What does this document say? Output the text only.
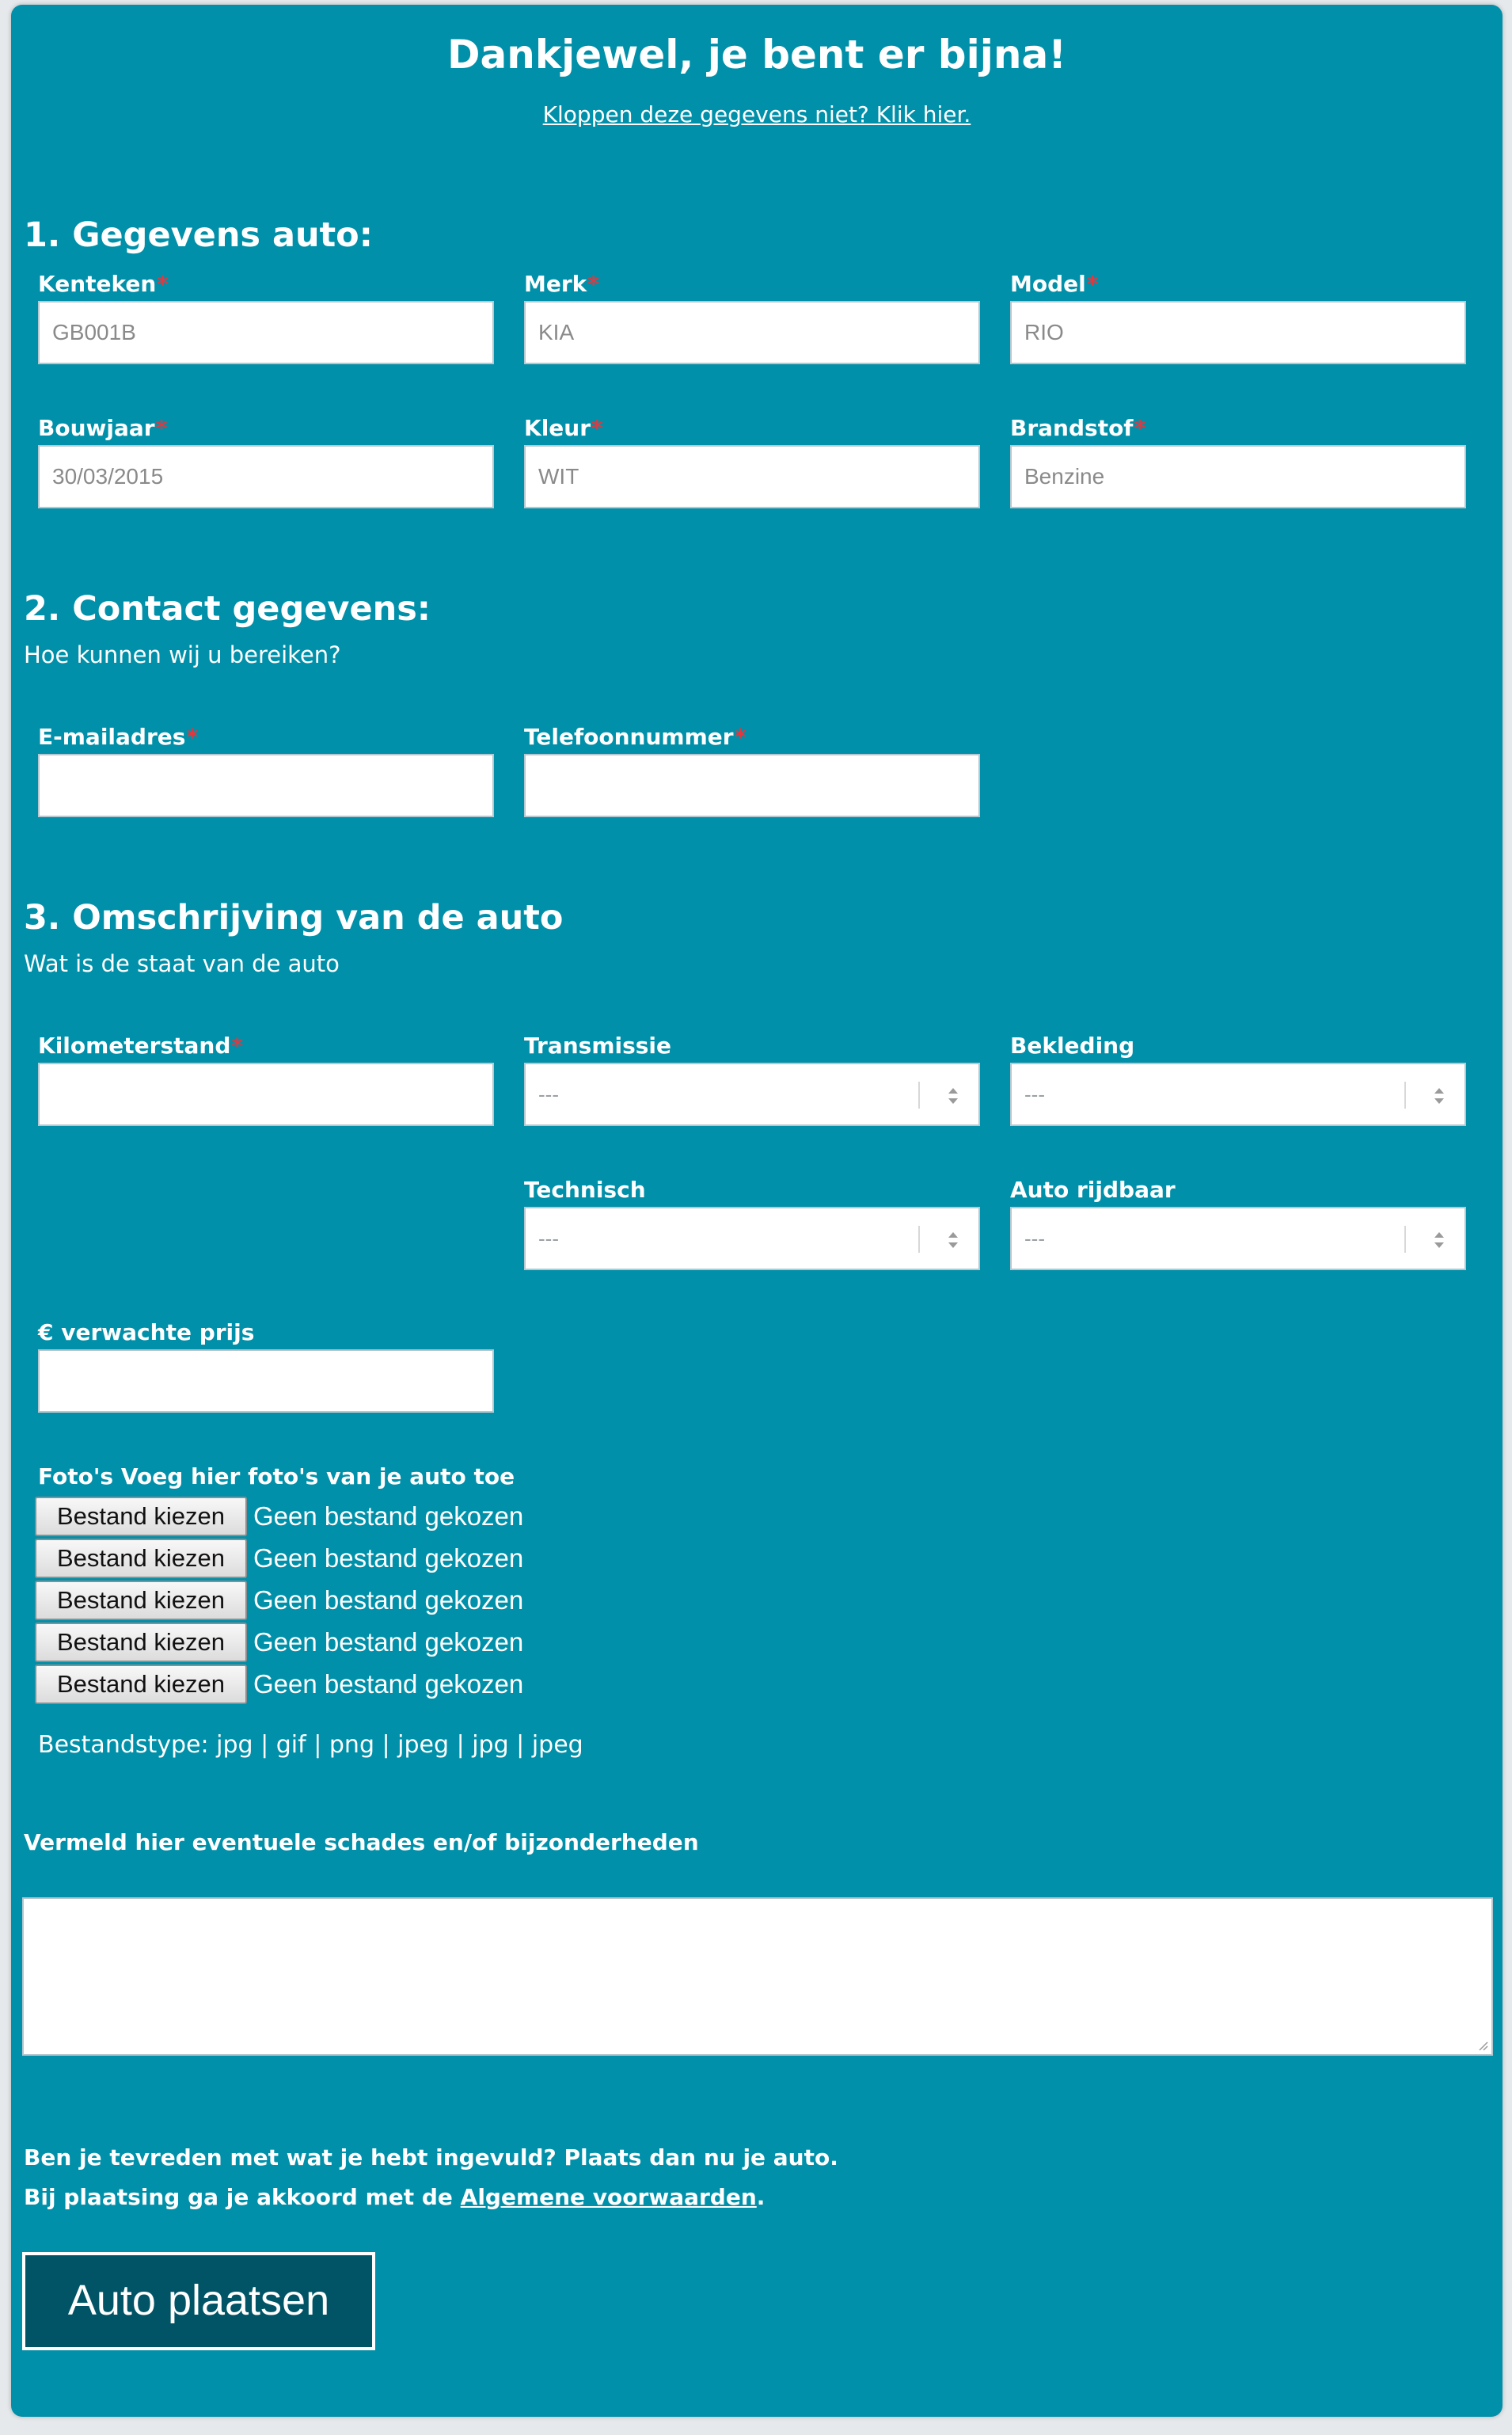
Dankjewel, je bent er bijna!
Kloppen deze gegevens niet? Klik hier.
1. Gegevens auto:
Kenteken*
GB001B
Merk*
KIA
Model*
RIO
Bouwjaar*
30/03/2015
Kleur*
WIT
Brandstof*
Benzine
2. Contact gegevens:
Hoe kunnen wij u bereiken?
E-mailadres*	Telefoonnummer*
3. Omschrijving van de auto
Wat is de staat van de auto
Kilometerstand*	Transmissie
---
Bekleding
---
Technisch
---
Auto rijdbaar
---
€ verwachte prijs
Foto's Voeg hier foto's van je auto toe
Bestand kiezen	Geen bestand gekozen
Bestand kiezen	Geen bestand gekozen
Bestand kiezen	Geen bestand gekozen
Bestand kiezen	Geen bestand gekozen
Bestand kiezen	Geen bestand gekozen
Bestandstype: jpg | gif | png | jpeg | jpg | jpeg
Vermeld hier eventuele schades en/of bijzonderheden
Ben je tevreden met wat je hebt ingevuld? Plaats dan nu je auto.
Bij plaatsing ga je akkoord met de Algemene voorwaarden.
Auto plaatsen
